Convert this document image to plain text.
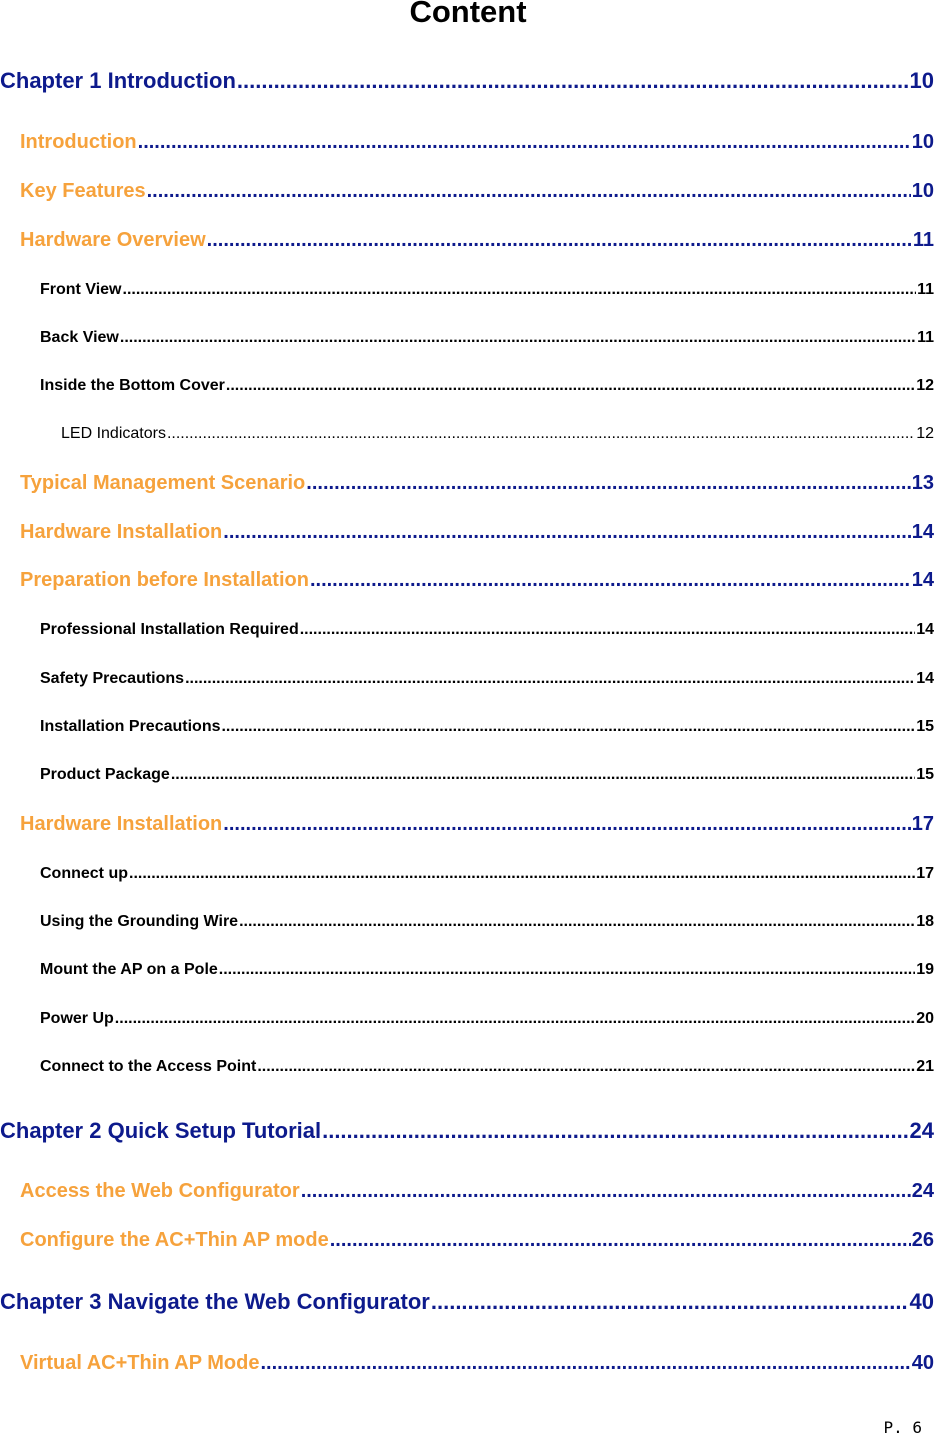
Content
Chapter 1 Introduction .....	10
Introduction .....	10
Key Features .....	10
Hardware Overview .....	11
Front View .....	11
Back View .....	11
Inside the Bottom Cover .....	12
LED Indicators .....	12
Typical Management Scenario .....	13
Hardware Installation .....	14
Preparation before Installation .....	14
Professional Installation Required .....	14
Safety Precautions .....	14
Installation Precautions .....	15
Product Package .....	15
Hardware Installation .....	17
Connect up .....	17
Using the Grounding Wire .....	18
Mount the AP on a Pole .....	19
Power Up .....	20
Connect to the Access Point .....	21
Chapter 2 Quick Setup Tutorial .....	24
Access the Web Configurator .....	24
Configure the AC+Thin AP mode .....	26
Chapter 3 Navigate the Web Configurator .....	40
Virtual AC+Thin AP Mode .....	40
P. 6
